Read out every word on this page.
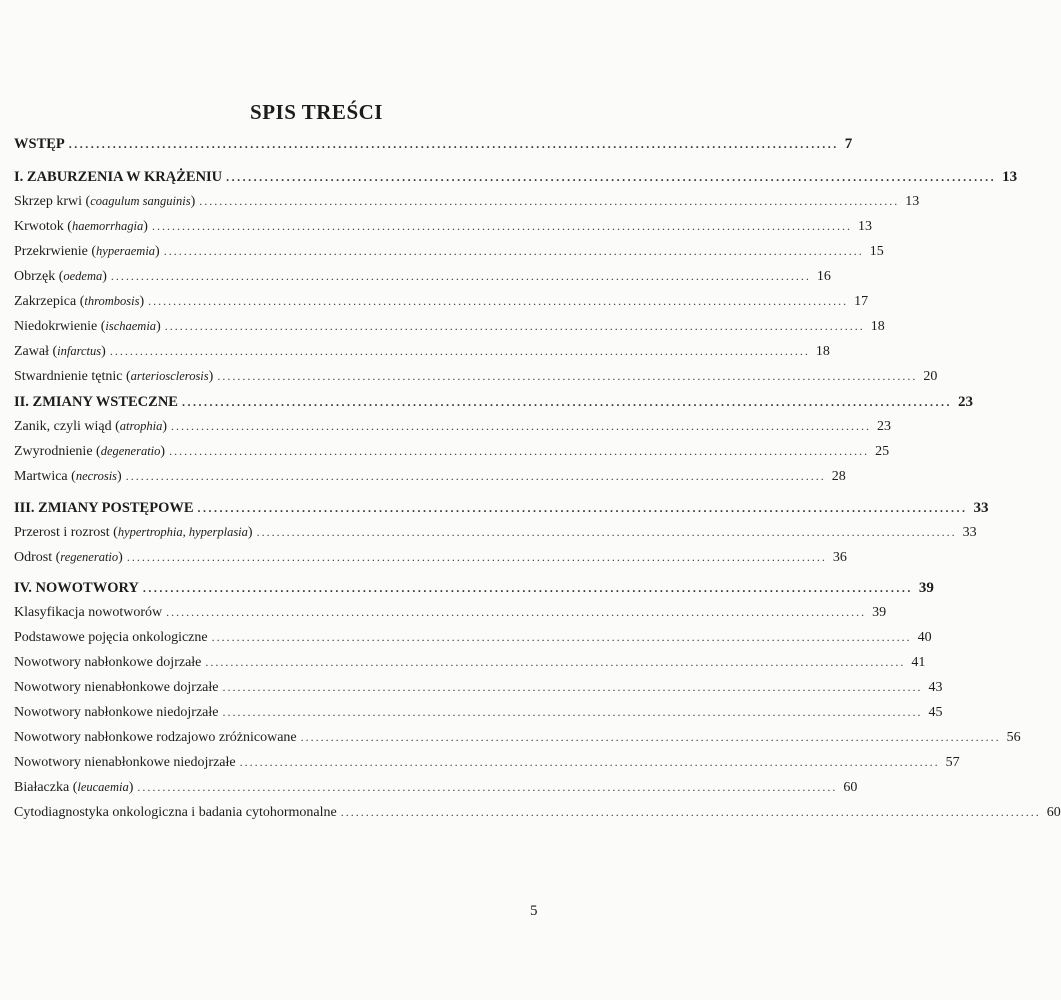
SPIS TREŚCI
WSTĘP ............................................................................................................................................ 7
I. ZABURZENIA W KRĄŻENIU ............................................................................................................................................ 13
Skrzep krwi (coagulum sanguinis) ............................................................................................................................................ 13
Krwotok (haemorrhagia) ............................................................................................................................................ 13
Przekrwienie (hyperaemia) ............................................................................................................................................ 15
Obrzęk (oedema) ............................................................................................................................................ 16
Zakrzepica (thrombosis) ............................................................................................................................................ 17
Niedokrwienie (ischaemia) ............................................................................................................................................ 18
Zawał (infarctus) ............................................................................................................................................ 18
Stwardnienie tętnic (arteriosclerosis) ............................................................................................................................................ 20
II. ZMIANY WSTECZNE ............................................................................................................................................ 23
Zanik, czyli wiąd (atrophia) ............................................................................................................................................ 23
Zwyrodnienie (degeneratio) ............................................................................................................................................ 25
Martwica (necrosis) ............................................................................................................................................ 28
III. ZMIANY POSTĘPOWE ............................................................................................................................................ 33
Przerost i rozrost (hypertrophia, hyperplasia) ............................................................................................................................................ 33
Odrost (regeneratio) ............................................................................................................................................ 36
IV. NOWOTWORY ............................................................................................................................................ 39
Klasyfikacja nowotworów ............................................................................................................................................ 39
Podstawowe pojęcia onkologiczne ............................................................................................................................................ 40
Nowotwory nabłonkowe dojrzałe ............................................................................................................................................ 41
Nowotwory nienabłonkowe dojrzałe ............................................................................................................................................ 43
Nowotwory nabłonkowe niedojrzałe ............................................................................................................................................ 45
Nowotwory nabłonkowe rodzajowo zróżnicowane ............................................................................................................................................ 56
Nowotwory nienabłonkowe niedojrzałe ............................................................................................................................................ 57
Białaczka (leucaemia) ............................................................................................................................................ 60
Cytodiagnostyka onkologiczna i badania cytohormonalne ............................................................................................................................................ 60
5
